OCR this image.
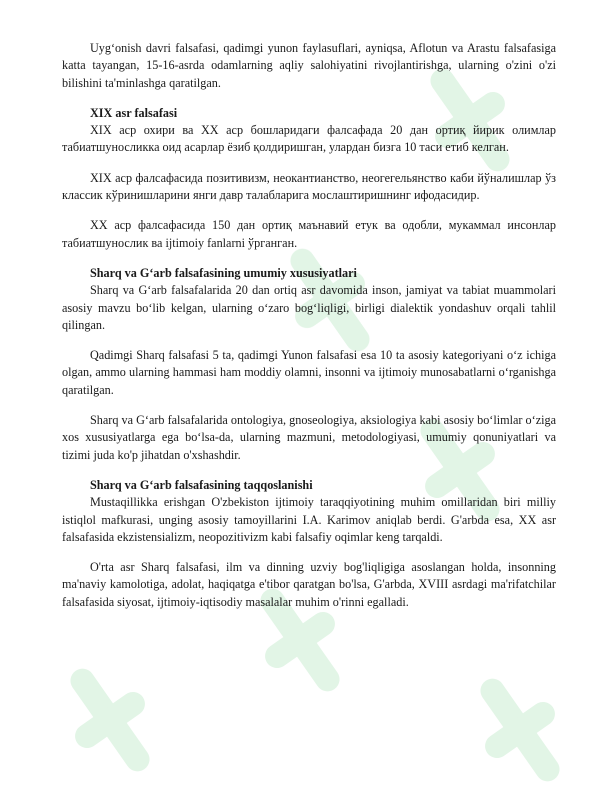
Uyg‘onish davri falsafasi, qadimgi yunon faylasuflari, ayniqsa, Aflotun va Arastu falsafasiga katta tayangan, 15-16-asrda odamlarning aqliy salohiyatini rivojlantirishga, ularning o'zini o'zi bilishini ta'minlashga qaratilgan.

XIX asr falsafasi

XIX аср охири ва XX аср бошларидаги фалсафада 20 дан ортиқ йирик олимлар табиатшуносликка оид асарлар ёзиб қолдиришган, улардан бизга 10 таси етиб келган.

XIX аср фалсафасида позитивизм, неокантианство, неогегельянство каби йўналишлар ўз классик кўринишларини янги давр талабларига мослаштиришнинг ифодасидир.

XX аср фалсафасида 150 дан ортиқ маънавий етук ва одобли, мукаммал инсонлар табиатшунослик ва ijtimoiy fanlarni ўрганган.

Sharq va G‘arb falsafasining umumiy xususiyatlari

Sharq va G‘arb falsafalarida 20 dan ortiq asr davomida inson, jamiyat va tabiat muammolari asosiy mavzu bo‘lib kelgan, ularning o‘zaro bog‘liqligi, birligi dialektik yondashuv orqali tahlil qilingan.

Qadimgi Sharq falsafasi 5 ta, qadimgi Yunon falsafasi esa 10 ta asosiy kategoriyani o‘z ichiga olgan, ammo ularning hammasi ham moddiy olamni, insonni va ijtimoiy munosabatlarni o‘rganishga qaratilgan.

Sharq va G‘arb falsafalarida ontologiya, gnoseologiya, aksiologiya kabi asosiy bo‘limlar o‘ziga xos xususiyatlarga ega bo‘lsa-da, ularning mazmuni, metodologiyasi, umumiy qonuniyatlari va tizimi juda ko'p jihatdan o'xshashdir.

Sharq va G‘arb falsafasining taqqoslanishi

Mustaqillikka erishgan O'zbekiston ijtimoiy taraqqiyotining muhim omillaridan biri milliy istiqlol mafkurasi, unging asosiy tamoyillarini I.A. Karimov aniqlab berdi. G'arbda esa, XX asr falsafasida ekzistensializm, neopozitivizm kabi falsafiy oqimlar keng tarqaldi.

O'rta asr Sharq falsafasi, ilm va dinning uzviy bog'liqligiga asoslangan holda, insonning ma'naviy kamolotiga, adolat, haqiqatga e'tibor qaratgan bo'lsa, G'arbda, XVIII asrdagi ma'rifatchilar falsafasida siyosat, ijtimoiy-iqtisodiy masalalar muhim o'rinni egalladi.
